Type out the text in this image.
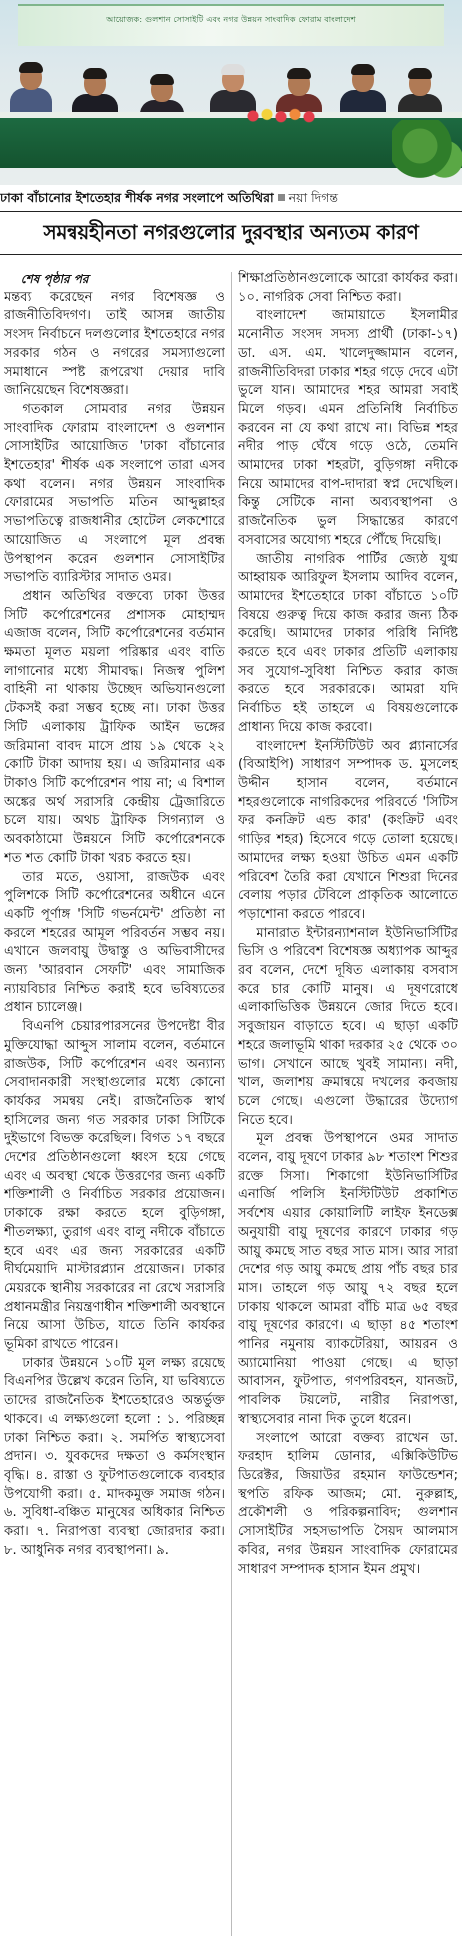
আয়োজক: গুলশান সোসাইটি এবং নগর উন্নয়ন সাংবাদিক ফোরাম বাংলাদেশ
ঢাকা বাঁচানোর ইশতেহার শীর্ষক নগর সংলাপে অতিথিরা নয়া দিগন্ত
সমন্বয়হীনতা নগরগুলোর দুরবস্থার অন্যতম কারণ

শেষ পৃষ্ঠার পর

মন্তব্য করেছেন নগর বিশেষজ্ঞ ও রাজনীতিবিদগণ। তাই আসন্ন জাতীয় সংসদ নির্বাচনে দলগুলোর ইশতেহারে নগর সরকার গঠন ও নগরের সমস্যাগুলো সমাধানে স্পষ্ট রূপরেখা দেয়ার দাবি জানিয়েছেন বিশেষজ্ঞরা।

গতকাল সোমবার নগর উন্নয়ন সাংবাদিক ফোরাম বাংলাদেশ ও গুলশান সোসাইটির আয়োজিত 'ঢাকা বাঁচানোর ইশতেহার' শীর্ষক এক সংলাপে তারা এসব কথা বলেন। নগর উন্নয়ন সাংবাদিক ফোরামের সভাপতি মতিন আব্দুল্লাহর সভাপতিত্বে রাজধানীর হোটেল লেকশোরে আয়োজিত এ সংলাপে মূল প্রবন্ধ উপস্থাপন করেন গুলশান সোসাইটির সভাপতি ব্যারিস্টার সাদাত ওমর।

প্রধান অতিথির বক্তব্যে ঢাকা উত্তর সিটি কর্পোরেশনের প্রশাসক মোহাম্মদ এজাজ বলেন, সিটি কর্পোরেশনের বর্তমান ক্ষমতা মূলত ময়লা পরিষ্কার এবং বাতি লাগানোর মধ্যে সীমাবদ্ধ। নিজস্ব পুলিশ বাহিনী না থাকায় উচ্ছেদ অভিযানগুলো টেকসই করা সম্ভব হচ্ছে না। ঢাকা উত্তর সিটি এলাকায় ট্রাফিক আইন ভঙ্গের জরিমানা বাবদ মাসে প্রায় ১৯ থেকে ২২ কোটি টাকা আদায় হয়। এ জরিমানার এক টাকাও সিটি কর্পোরেশন পায় না; এ বিশাল অঙ্কের অর্থ সরাসরি কেন্দ্রীয় ট্রেজারিতে চলে যায়। অথচ ট্রাফিক সিগন্যাল ও অবকাঠামো উন্নয়নে সিটি কর্পোরেশনকে শত শত কোটি টাকা খরচ করতে হয়।

তার মতে, ওয়াসা, রাজউক এবং পুলিশকে সিটি কর্পোরেশনের অধীনে এনে একটি পূর্ণাঙ্গ 'সিটি গভর্নমেন্ট' প্রতিষ্ঠা না করলে শহরের আমূল পরিবর্তন সম্ভব নয়। এখানে জলবায়ু উদ্বাস্তু ও অভিবাসীদের জন্য 'আরবান সেফটি' এবং সামাজিক ন্যায়বিচার নিশ্চিত করাই হবে ভবিষ্যতের প্রধান চ্যালেঞ্জ।

বিএনপি চেয়ারপারসনের উপদেষ্টা বীর মুক্তিযোদ্ধা আব্দুস সালাম বলেন, বর্তমানে রাজউক, সিটি কর্পোরেশন এবং অন্যান্য সেবাদানকারী সংস্থাগুলোর মধ্যে কোনো কার্যকর সমন্বয় নেই। রাজনৈতিক স্বার্থ হাসিলের জন্য গত সরকার ঢাকা সিটিকে দুইভাগে বিভক্ত করেছিল। বিগত ১৭ বছরে দেশের প্রতিষ্ঠানগুলো ধ্বংস হয়ে গেছে এবং এ অবস্থা থেকে উত্তরণের জন্য একটি শক্তিশালী ও নির্বাচিত সরকার প্রয়োজন। ঢাকাকে রক্ষা করতে হলে বুড়িগঙ্গা, শীতলক্ষ্যা, তুরাগ এবং বালু নদীকে বাঁচাতে হবে এবং এর জন্য সরকারের একটি দীর্ঘমেয়াদি মাস্টারপ্ল্যান প্রয়োজন। ঢাকার মেয়রকে স্থানীয় সরকারের না রেখে সরাসরি প্রধানমন্ত্রীর নিয়ন্ত্রণাধীন শক্তিশালী অবস্থানে নিয়ে আসা উচিত, যাতে তিনি কার্যকর ভূমিকা রাখতে পারেন।

ঢাকার উন্নয়নে ১০টি মূল লক্ষ্য রয়েছে বিএনপির উল্লেখ করেন তিনি, যা ভবিষ্যতে তাদের রাজনৈতিক ইশতেহারেও অন্তর্ভুক্ত থাকবে। এ লক্ষ্যগুলো হলো : ১. পরিচ্ছন্ন ঢাকা নিশ্চিত করা। ২. সমর্পিত স্বাস্থ্যসেবা প্রদান। ৩. যুবকদের দক্ষতা ও কর্মসংস্থান বৃদ্ধি। ৪. রাস্তা ও ফুটপাতগুলোকে ব্যবহার উপযোগী করা। ৫. মাদকমুক্ত সমাজ গঠন। ৬. সুবিধা-বঞ্চিত মানুষের অধিকার নিশ্চিত করা। ৭. নিরাপত্তা ব্যবস্থা জোরদার করা। ৮. আধুনিক নগর ব্যবস্থাপনা। ৯.

শিক্ষাপ্রতিষ্ঠানগুলোকে আরো কার্যকর করা। ১০. নাগরিক সেবা নিশ্চিত করা।

বাংলাদেশ জামায়াতে ইসলামীর মনোনীত সংসদ সদস্য প্রার্থী (ঢাকা-১৭) ডা. এস. এম. খালেদুজ্জামান বলেন, রাজনীতিবিদরা ঢাকার শহর গড়ে দেবে এটা ভুলে যান। আমাদের শহর আমরা সবাই মিলে গড়ব। এমন প্রতিনিধি নির্বাচিত করবেন না যে কথা রাখে না। বিভিন্ন শহর নদীর পাড় ঘেঁষে গড়ে ওঠে, তেমনি আমাদের ঢাকা শহরটা, বুড়িগঙ্গা নদীকে নিয়ে আমাদের বাপ-দাদারা স্বপ্ন দেখেছিল। কিন্তু সেটিকে নানা অব্যবস্থাপনা ও রাজনৈতিক ভুল সিদ্ধান্তের কারণে বসবাসের অযোগ্য শহরে পৌঁছে দিয়েছি।

জাতীয় নাগরিক পার্টির জ্যেষ্ঠ যুগ্ম আহ্বায়ক আরিফুল ইসলাম আদিব বলেন, আমাদের ইশতেহারে ঢাকা বাঁচাতে ১০টি বিষয়ে গুরুত্ব দিয়ে কাজ করার জন্য ঠিক করেছি। আমাদের ঢাকার পরিধি নির্দিষ্ট করতে হবে এবং ঢাকার প্রতিটি এলাকায় সব সুযোগ-সুবিধা নিশ্চিত করার কাজ করতে হবে সরকারকে। আমরা যদি নির্বাচিত হই তাহলে এ বিষয়গুলোকে প্রাধান্য দিয়ে কাজ করবো।

বাংলাদেশ ইনস্টিটিউট অব প্ল্যানার্সের (বিআইপি) সাধারণ সম্পাদক ড. মুসলেহ উদ্দীন হাসান বলেন, বর্তমানে শহরগুলোকে নাগরিকদের পরিবর্তে 'সিটিস ফর কনক্রিট এন্ড কার' (কংক্রিট এবং গাড়ির শহর) হিসেবে গড়ে তোলা হয়েছে। আমাদের লক্ষ্য হওয়া উচিত এমন একটি পরিবেশ তৈরি করা যেখানে শিশুরা দিনের বেলায় পড়ার টেবিলে প্রাকৃতিক আলোতে পড়াশোনা করতে পারবে।

মানারাত ইন্টারন্যাশনাল ইউনিভার্সিটির ভিসি ও পরিবেশ বিশেষজ্ঞ অধ্যাপক আব্দুর রব বলেন, দেশে দূষিত এলাকায় বসবাস করে চার কোটি মানুষ। এ দূষণরোধে এলাকাভিত্তিক উন্নয়নে জোর দিতে হবে। সবুজায়ন বাড়াতে হবে। এ ছাড়া একটি শহরে জলাভূমি থাকা দরকার ২৫ থেকে ৩০ ভাগ। সেখানে আছে খুবই সামান্য। নদী, খাল, জলাশয় ক্রমান্বয়ে দখলের কবজায় চলে গেছে। এগুলো উদ্ধারের উদ্যোগ নিতে হবে।

মূল প্রবন্ধ উপস্থাপনে ওমর সাদাত বলেন, বায়ু দূষণে ঢাকার ৯৮ শতাংশ শিশুর রক্তে সিসা। শিকাগো ইউনিভার্সিটির এনার্জি পলিসি ইনস্টিটিউট প্রকাশিত সর্বশেষ এয়ার কোয়ালিটি লাইফ ইনডেক্স অনুযায়ী বায়ু দূষণের কারণে ঢাকার গড় আয়ু কমছে সাত বছর সাত মাস। আর সারা দেশের গড় আয়ু কমছে প্রায় পাঁচ বছর চার মাস। তাহলে গড় আয়ু ৭২ বছর হলে ঢাকায় থাকলে আমরা বাঁচি মাত্র ৬৫ বছর বায়ু দূষণের কারণে। এ ছাড়া ৪৫ শতাংশ পানির নমুনায় ব্যাকটেরিয়া, আয়রন ও অ্যামোনিয়া পাওয়া গেছে। এ ছাড়া আবাসন, ফুটপাত, গণপরিবহন, যানজট, পাবলিক টয়লেট, নারীর নিরাপত্তা, স্বাস্থ্যসেবার নানা দিক তুলে ধরেন।

সংলাপে আরো বক্তব্য রাখেন ডা. ফরহাদ হালিম ডোনার, এক্সিকিউটিভ ডিরেক্টর, জিয়াউর রহমান ফাউন্ডেশন; স্থপতি রফিক আজম; মো. নুরুল্লাহ, প্রকৌশলী ও পরিকল্পনাবিদ; গুলশান সোসাইটির সহসভাপতি সৈয়দ আলমাস কবির, নগর উন্নয়ন সাংবাদিক ফোরামের সাধারণ সম্পাদক হাসান ইমন প্রমুখ।
